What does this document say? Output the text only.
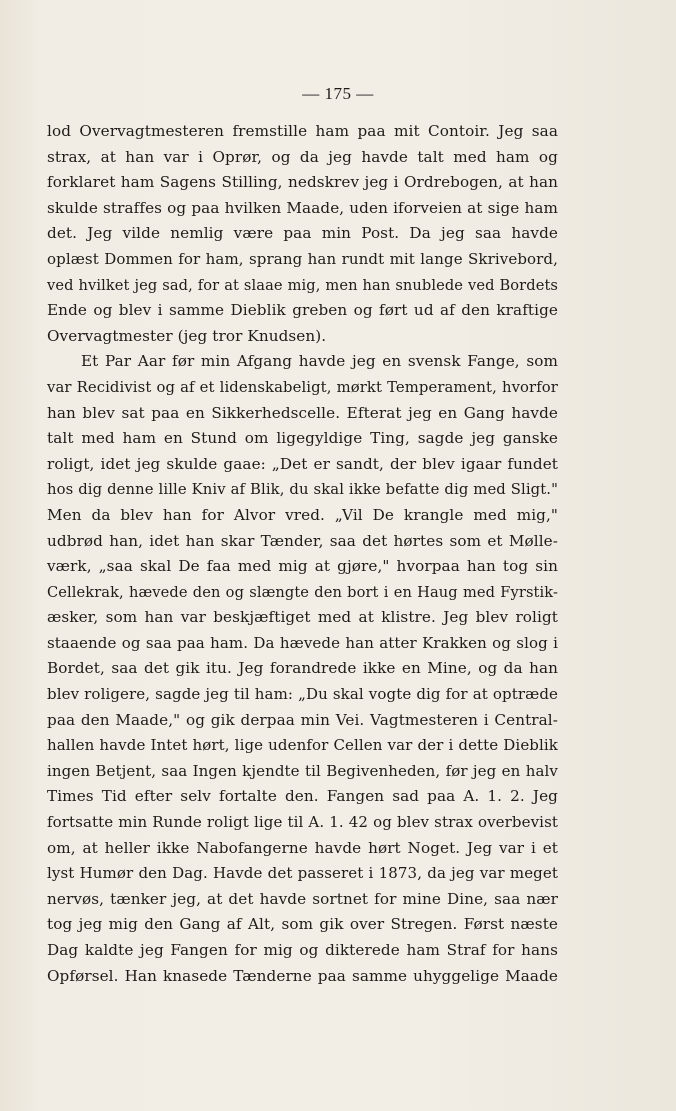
— 175 —
lod Overvagtmesteren fremstille ham paa mit Contoir. Jeg saa
strax, at han var i Oprør, og da jeg havde talt med ham og
forklaret ham Sagens Stilling, nedskrev jeg i Ordrebogen, at han
skulde straffes og paa hvilken Maade, uden iforveien at sige ham
det. Jeg vilde nemlig være paa min Post. Da jeg saa havde
oplæst Dommen for ham, sprang han rundt mit lange Skrivebord,
ved hvilket jeg sad, for at slaae mig, men han snublede ved Bordets
Ende og blev i samme Dieblik greben og ført ud af den kraftige
Overvagtmester (jeg tror Knudsen).
Et Par Aar før min Afgang havde jeg en svensk Fange, som
var Recidivist og af et lidenskabeligt, mørkt Temperament, hvorfor
han blev sat paa en Sikkerhedscelle. Efterat jeg en Gang havde
talt med ham en Stund om ligegyldige Ting, sagde jeg ganske
roligt, idet jeg skulde gaae: „Det er sandt, der blev igaar fundet
hos dig denne lille Kniv af Blik, du skal ikke befatte dig med Sligt."
Men da blev han for Alvor vred. „Vil De krangle med mig,"
udbrød han, idet han skar Tænder, saa det hørtes som et Mølle-
værk, „saa skal De faa med mig at gjøre," hvorpaa han tog sin
Cellekrak, hævede den og slængte den bort i en Haug med Fyrstik-
æsker, som han var beskjæftiget med at klistre. Jeg blev roligt
staaende og saa paa ham. Da hævede han atter Krakken og slog i
Bordet, saa det gik itu. Jeg forandrede ikke en Mine, og da han
blev roligere, sagde jeg til ham: „Du skal vogte dig for at optræde
paa den Maade," og gik derpaa min Vei. Vagtmesteren i Central-
hallen havde Intet hørt, lige udenfor Cellen var der i dette Dieblik
ingen Betjent, saa Ingen kjendte til Begivenheden, før jeg en halv
Times Tid efter selv fortalte den. Fangen sad paa A. 1. 2. Jeg
fortsatte min Runde roligt lige til A. 1. 42 og blev strax overbevist
om, at heller ikke Nabofangerne havde hørt Noget. Jeg var i et
lyst Humør den Dag. Havde det passeret i 1873, da jeg var meget
nervøs, tænker jeg, at det havde sortnet for mine Dine, saa nær
tog jeg mig den Gang af Alt, som gik over Stregen. Først næste
Dag kaldte jeg Fangen for mig og dikterede ham Straf for hans
Opførsel. Han knasede Tænderne paa samme uhyggelige Maade
